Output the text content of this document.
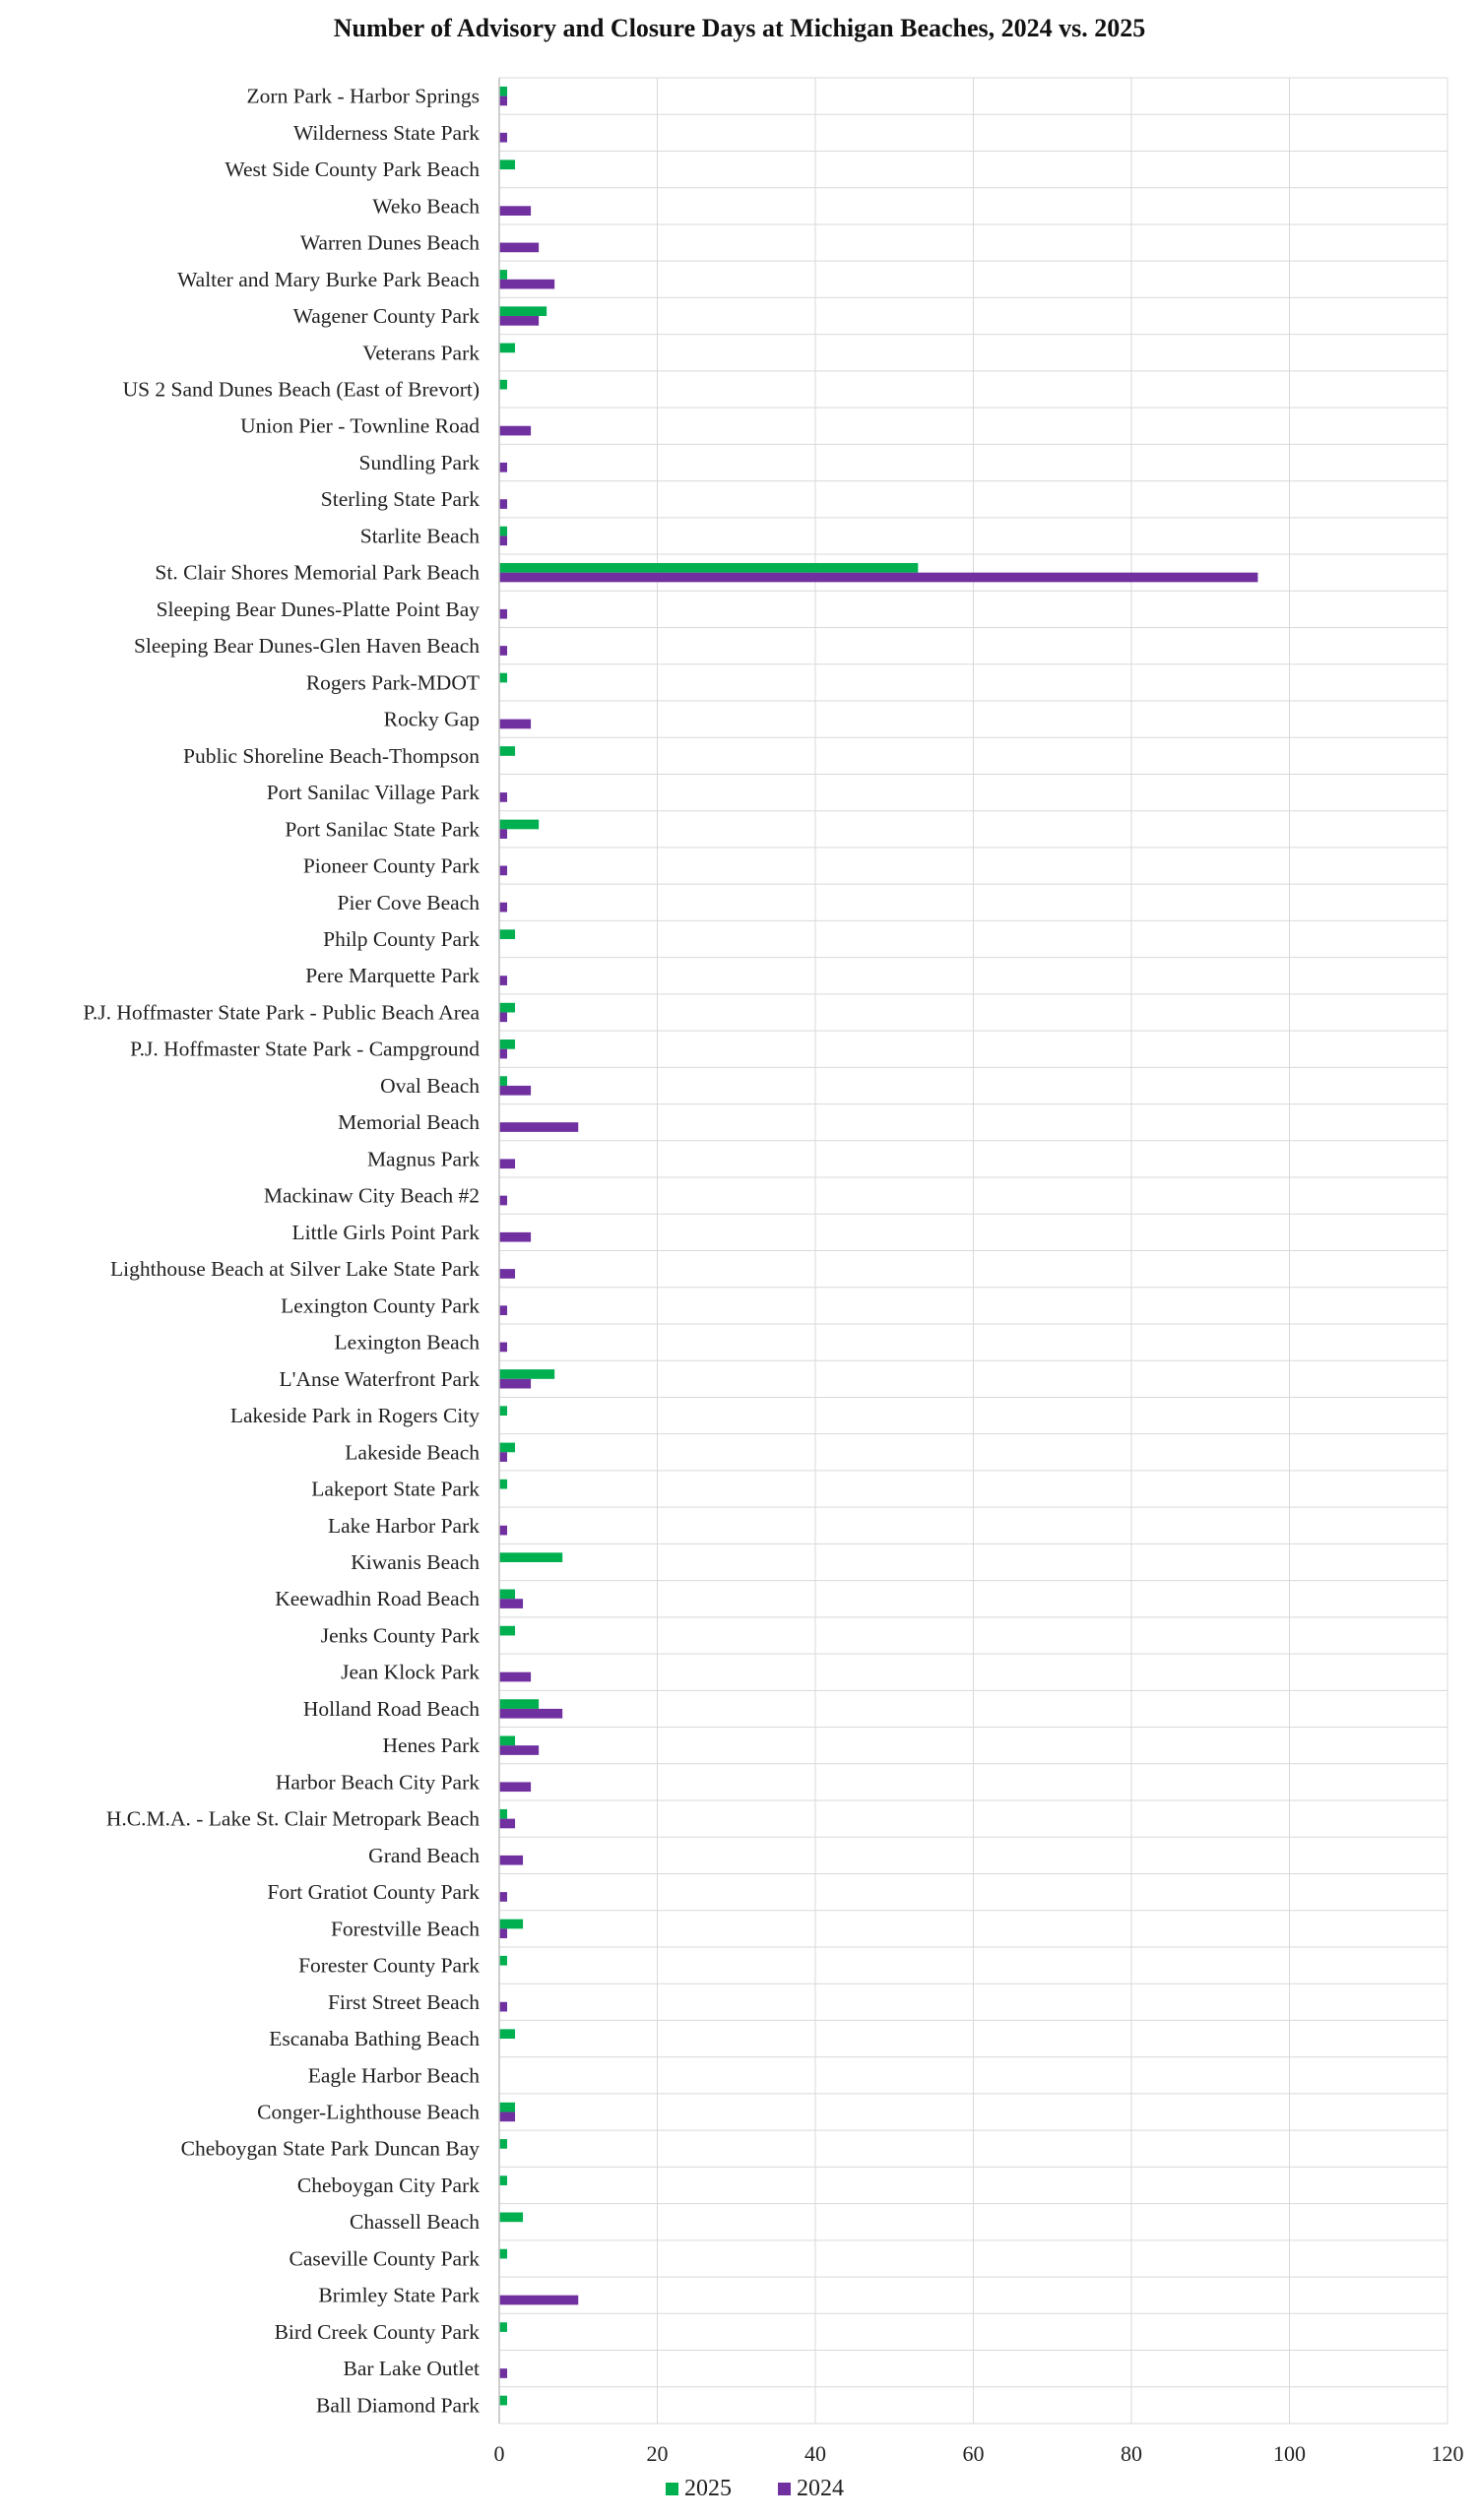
Number of Advisory and Closure Days at Michigan Beaches, 2024 vs. 2025
Zorn Park - Harbor Springs
Wilderness State Park
West Side County Park Beach
Weko Beach
Warren Dunes Beach
Walter and Mary Burke Park Beach
Wagener County Park
Veterans Park
US 2 Sand Dunes Beach (East of Brevort)
Union Pier - Townline Road
Sundling Park
Sterling State Park
Starlite Beach
St. Clair Shores Memorial Park Beach
Sleeping Bear Dunes-Platte Point Bay
Sleeping Bear Dunes-Glen Haven Beach
Rogers Park-MDOT
Rocky Gap
Public Shoreline Beach-Thompson
Port Sanilac Village Park
Port Sanilac State Park
Pioneer County Park
Pier Cove Beach
Philp County Park
Pere Marquette Park
P.J. Hoffmaster State Park - Public Beach Area
P.J. Hoffmaster State Park - Campground
Oval Beach
Memorial Beach
Magnus Park
Mackinaw City Beach #2
Little Girls Point Park
Lighthouse Beach at Silver Lake State Park
Lexington County Park
Lexington Beach
L'Anse Waterfront Park
Lakeside Park in Rogers City
Lakeside Beach
Lakeport State Park
Lake Harbor Park
Kiwanis Beach
Keewadhin Road Beach
Jenks County Park
Jean Klock Park
Holland Road Beach
Henes Park
Harbor Beach City Park
H.C.M.A. - Lake St. Clair Metropark Beach
Grand Beach
Fort Gratiot County Park
Forestville Beach
Forester County Park
First Street Beach
Escanaba Bathing Beach
Eagle Harbor Beach
Conger-Lighthouse Beach
Cheboygan State Park Duncan Bay
Cheboygan City Park
Chassell Beach
Caseville County Park
Brimley State Park
Bird Creek County Park
Bar Lake Outlet
Ball Diamond Park
0	20	40	60	80	100	120
2025	2024
